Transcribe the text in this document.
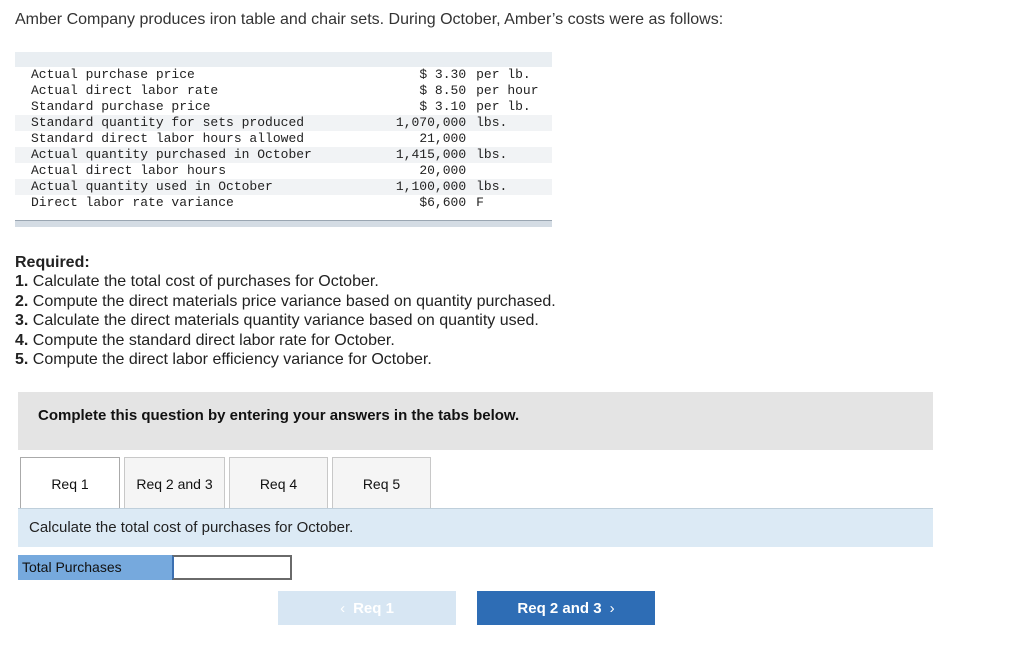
Amber Company produces iron table and chair sets. During October, Amber’s costs were as follows:

Actual purchase price	$ 3.30	per lb.
Actual direct labor rate	$ 8.50	per hour
Standard purchase price	$ 3.10	per lb.
Standard quantity for sets produced	1,070,000	lbs.
Standard direct labor hours allowed	21,000	
Actual quantity purchased in October	1,415,000	lbs.
Actual direct labor hours	20,000	
Actual quantity used in October	1,100,000	lbs.
Direct labor rate variance	$6,600	F

Required:
1. Calculate the total cost of purchases for October.
2. Compute the direct materials price variance based on quantity purchased.
3. Calculate the direct materials quantity variance based on quantity used.
4. Compute the standard direct labor rate for October.
5. Compute the direct labor efficiency variance for October.
Complete this question by entering your answers in the tabs below.
Req 1	Req 2 and 3	Req 4	Req 5
Calculate the total cost of purchases for October.
Total Purchases
‹ Req 1	Req 2 and 3 ›
